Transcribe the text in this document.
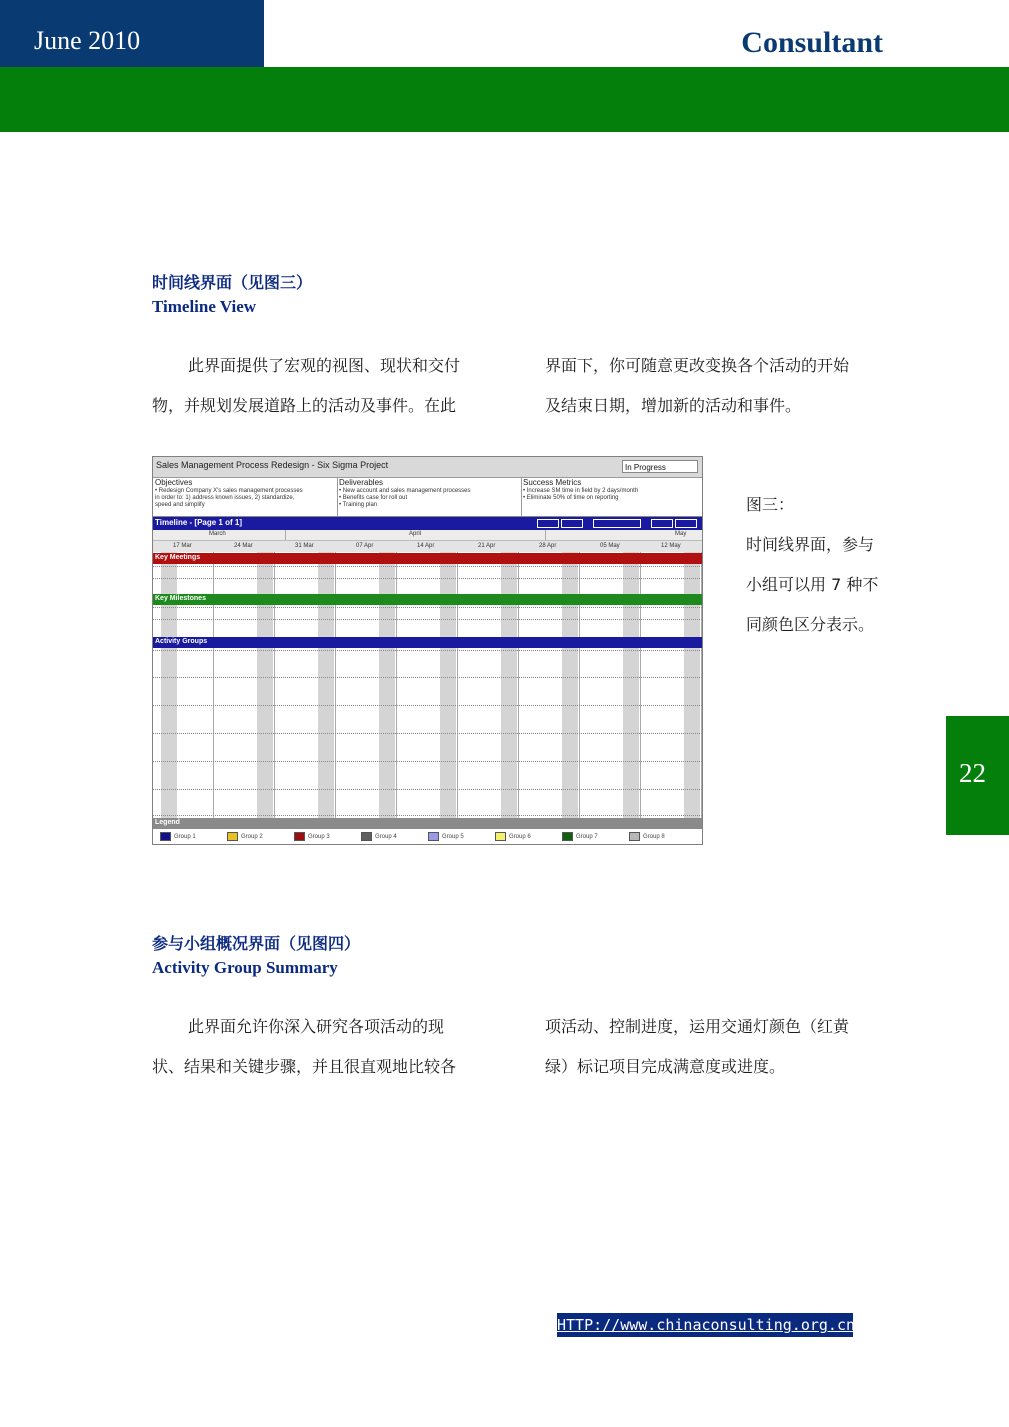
June 2010	Consultant
时间线界面（见图三）
Timeline View
此界面提供了宏观的视图、现状和交付
物，并规划发展道路上的活动及事件。在此
界面下，你可随意更改变换各个活动的开始
及结束日期，增加新的活动和事件。
Sales Management Process Redesign - Six Sigma Project	In Progress
Objectives
• Redesign Company X's sales management processes
in order to: 1) address known issues, 2) standardize,
speed and simplify
Deliverables
• New account and sales management processes
• Benefits case for roll out
• Training plan
Success Metrics
• Increase SM time in field by 2 days/month
• Eliminate 50% of time on reporting
Timeline - [Page 1 of 1]
March	April	May
17 Mar	24 Mar	31 Mar	07 Apr	14 Apr	21 Apr	28 Apr	05 May	12 May
Key Meetings
Key Milestones
Activity Groups
Legend
Group 1	Group 2	Group 3	Group 4	Group 5	Group 6	Group 7	Group 8
图三：
时间线界面，参与
小组可以用 7 种不
同颜色区分表示。
22
参与小组概况界面（见图四）
Activity Group Summary
此界面允许你深入研究各项活动的现
状、结果和关键步骤，并且很直观地比较各
项活动、控制进度，运用交通灯颜色（红黄
绿）标记项目完成满意度或进度。
HTTP://www.chinaconsulting.org.cn
